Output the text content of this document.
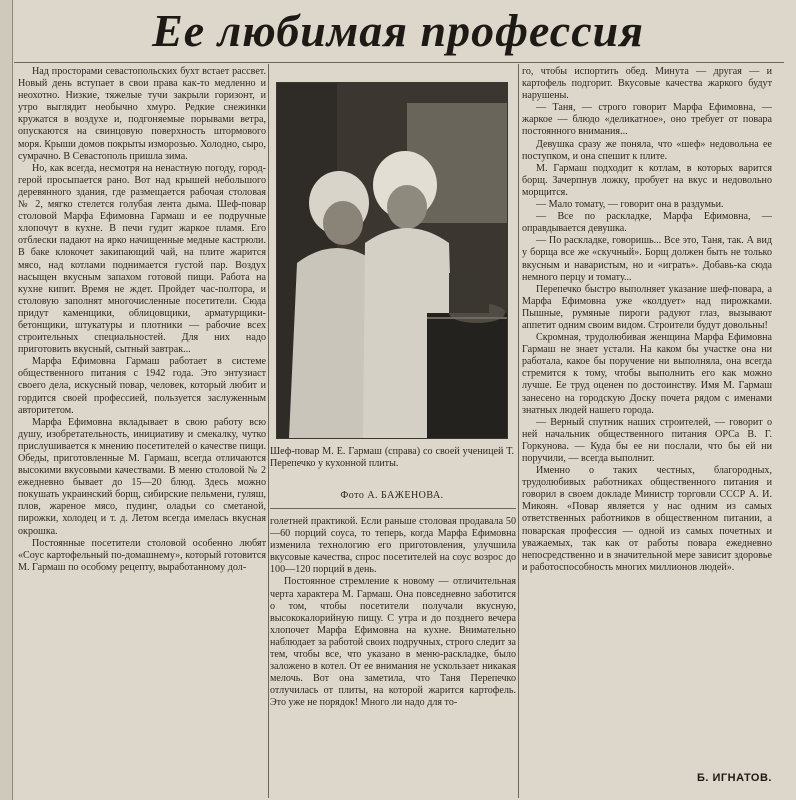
Ее любимая профессия

Над просторами севастопольских бухт встает рассвет. Новый день вступает в свои права как-то медленно и неохотно. Низкие, тяжелые тучи закрыли горизонт, и утро выглядит необычно хмуро. Редкие снежинки кружатся в воздухе и, подгоняемые порывами ветра, опускаются на свинцовую поверхность штормового моря. Крыши домов покрыты изморозью. Холодно, сыро, сумрачно. В Севастополь пришла зима.

Но, как всегда, несмотря на ненастную погоду, город-герой просыпается рано. Вот над крышей небольшого деревянного здания, где размещается рабочая столовая № 2, мягко стелется голубая лента дыма. Шеф-повар столовой Марфа Ефимовна Гармаш и ее подручные хлопочут в кухне. В печи гудит жаркое пламя. Его отблески падают на ярко начищенные медные кастрюли. В баке клокочет закипающий чай, на плите жарится мясо, над котлами поднимается густой пар. Воздух насыщен вкусным запахом готовой пищи. Работа на кухне кипит. Время не ждет. Пройдет час-полтора, и столовую заполнят многочисленные посетители. Сюда придут каменщики, облицовщики, арматурщики-бетонщики, штукатуры и плотники — рабочие всех строительных специальностей. Для них надо приготовить вкусный, сытный завтрак...

Марфа Ефимовна Гармаш работает в системе общественного питания с 1942 года. Это энтузиаст своего дела, искусный повар, человек, который любит и гордится своей профессией, пользуется заслуженным авторитетом.

Марфа Ефимовна вкладывает в свою работу всю душу, изобретательность, инициативу и смекалку, чутко прислушивается к мнению посетителей о качестве пищи. Обеды, приготовленные М. Гармаш, всегда отличаются высокими вкусовыми качествами. В меню столовой № 2 ежедневно бывает до 15—20 блюд. Здесь можно покушать украинский борщ, сибирские пельмени, гуляш, плов, жареное мясо, пудинг, оладьи со сметаной, пирожки, холодец и т. д. Летом всегда имелась вкусная окрошка.

Постоянные посетители столовой особенно любят «Соус картофельный по-домашнему», который готовится М. Гармаш по особому рецепту, выработанному дол-

Шеф-повар М. Е. Гармаш (справа) со своей ученицей Т. Перепечко у кухонной плиты.
Фото А. БАЖЕНОВА.

голетней практикой. Если раньше столовая продавала 50—60 порций соуса, то теперь, когда Марфа Ефимовна изменила технологию его приготовления, улучшила вкусовые качества, спрос посетителей на соус возрос до 100—120 порций в день.

Постоянное стремление к новому — отличительная черта характера М. Гармаш. Она повседневно заботится о том, чтобы посетители получали вкусную, высококалорийную пищу. С утра и до позднего вечера хлопочет Марфа Ефимовна на кухне. Внимательно наблюдает за работой своих подручных, строго следит за тем, чтобы все, что указано в меню-раскладке, было заложено в котел. От ее внимания не ускользает никакая мелочь. Вот она заметила, что Таня Перепечко отлучилась от плиты, на которой жарится картофель. Это уже не порядок! Много ли надо для то-

го, чтобы испортить обед. Минута — другая — и картофель подгорит. Вкусовые качества жаркого будут нарушены.

— Таня, — строго говорит Марфа Ефимовна, — жаркое — блюдо «деликатное», оно требует от повара постоянного внимания...

Девушка сразу же поняла, что «шеф» недовольна ее поступком, и она спешит к плите.

М. Гармаш подходит к котлам, в которых варится борщ. Зачерпнув ложку, пробует на вкус и недовольно морщится.

— Мало томату, — говорит она в раздумьи.

— Все по раскладке, Марфа Ефимовна, — оправдывается девушка.

— По раскладке, говоришь... Все это, Таня, так. А вид у борща все же «скучный». Борщ должен быть не только вкусным и наваристым, но и «играть». Добавь-ка сюда немного перцу и томату...

Перепечко быстро выполняет указание шеф-повара, а Марфа Ефимовна уже «колдует» над пирожками. Пышные, румяные пироги радуют глаз, вызывают аппетит одним своим видом. Строители будут довольны!

Скромная, трудолюбивая женщина Марфа Ефимовна Гармаш не знает устали. На каком бы участке она ни работала, какое бы поручение ни выполняла, она всегда стремится к тому, чтобы выполнить его как можно лучше. Ее труд оценен по достоинству. Имя М. Гармаш занесено на городскую Доску почета рядом с именами знатных людей нашего города.

— Верный спутник наших строителей, — говорит о ней начальник общественного питания ОРСа В. Г. Горкунова. — Куда бы ее ни послали, что бы ей ни поручили, — всегда выполнит.

Именно о таких честных, благородных, трудолюбивых работниках общественного питания и говорил в своем докладе Министр торговли СССР А. И. Микоян. «Повар является у нас одним из самых ответственных работников в общественном питании, а поварская профессия — одной из самых почетных и уважаемых, так как от работы повара ежедневно непосредственно и в значительной мере зависит здоровье и работоспособность многих миллионов людей».

Б. ИГНАТОВ.
